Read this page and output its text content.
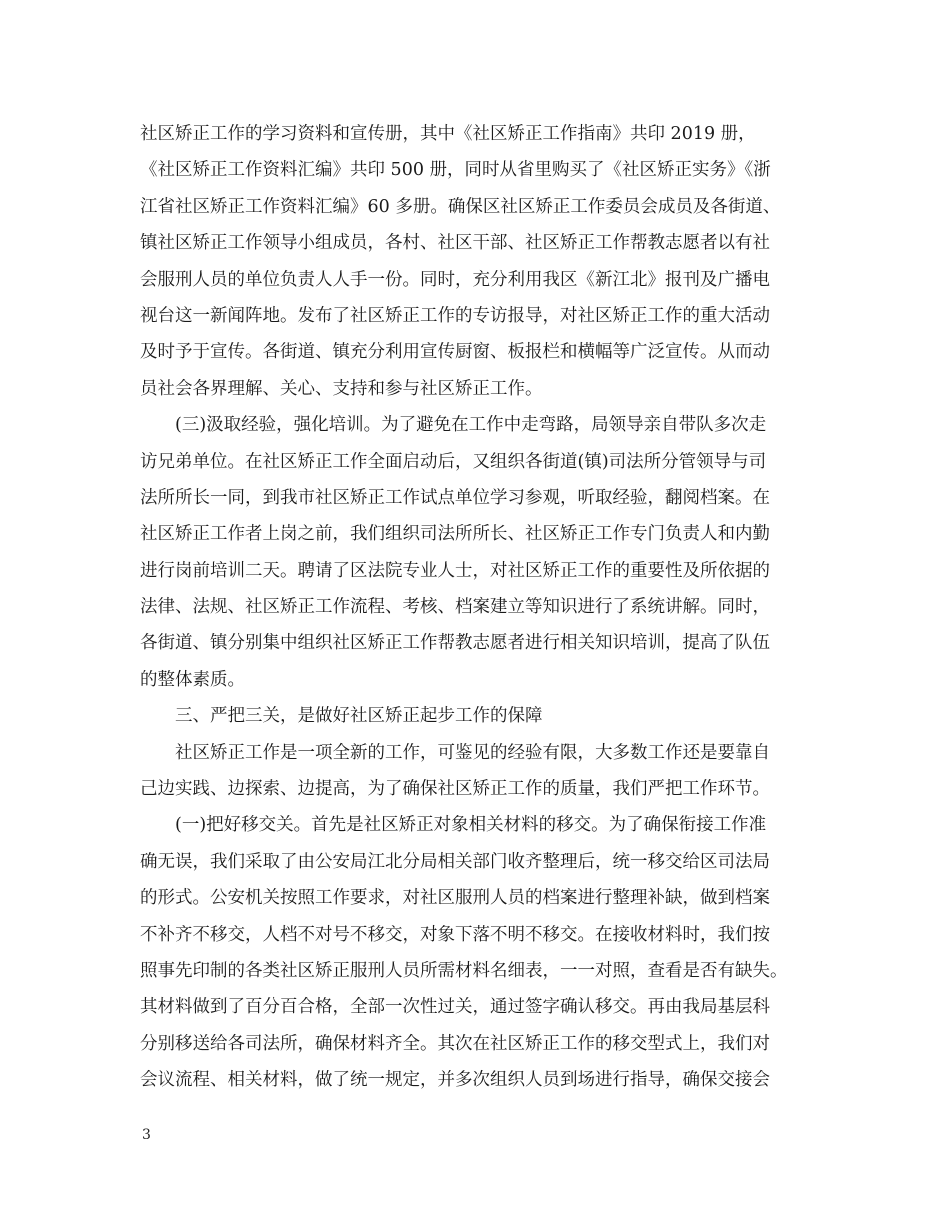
社区矫正工作的学习资料和宣传册，其中《社区矫正工作指南》共印 2019 册，
《社区矫正工作资料汇编》共印 500 册，同时从省里购买了《社区矫正实务》《浙
江省社区矫正工作资料汇编》60 多册。确保区社区矫正工作委员会成员及各街道、
镇社区矫正工作领导小组成员，各村、社区干部、社区矫正工作帮教志愿者以有社
会服刑人员的单位负责人人手一份。同时，充分利用我区《新江北》报刊及广播电
视台这一新闻阵地。发布了社区矫正工作的专访报导，对社区矫正工作的重大活动
及时予于宣传。各街道、镇充分利用宣传厨窗、板报栏和横幅等广泛宣传。从而动
员社会各界理解、关心、支持和参与社区矫正工作。
(三)汲取经验，强化培训。为了避免在工作中走弯路，局领导亲自带队多次走
访兄弟单位。在社区矫正工作全面启动后，又组织各街道(镇)司法所分管领导与司
法所所长一同，到我市社区矫正工作试点单位学习参观，听取经验，翻阅档案。在
社区矫正工作者上岗之前，我们组织司法所所长、社区矫正工作专门负责人和内勤
进行岗前培训二天。聘请了区法院专业人士，对社区矫正工作的重要性及所依据的
法律、法规、社区矫正工作流程、考核、档案建立等知识进行了系统讲解。同时，
各街道、镇分别集中组织社区矫正工作帮教志愿者进行相关知识培训，提高了队伍
的整体素质。
三、严把三关，是做好社区矫正起步工作的保障
社区矫正工作是一项全新的工作，可鉴见的经验有限，大多数工作还是要靠自
己边实践、边探索、边提高，为了确保社区矫正工作的质量，我们严把工作环节。
(一)把好移交关。首先是社区矫正对象相关材料的移交。为了确保衔接工作准
确无误，我们采取了由公安局江北分局相关部门收齐整理后，统一移交给区司法局
的形式。公安机关按照工作要求，对社区服刑人员的档案进行整理补缺，做到档案
不补齐不移交，人档不对号不移交，对象下落不明不移交。在接收材料时，我们按
照事先印制的各类社区矫正服刑人员所需材料名细表，一一对照，查看是否有缺失。
其材料做到了百分百合格，全部一次性过关，通过签字确认移交。再由我局基层科
分别移送给各司法所，确保材料齐全。其次在社区矫正工作的移交型式上，我们对
会议流程、相关材料，做了统一规定，并多次组织人员到场进行指导，确保交接会
3
